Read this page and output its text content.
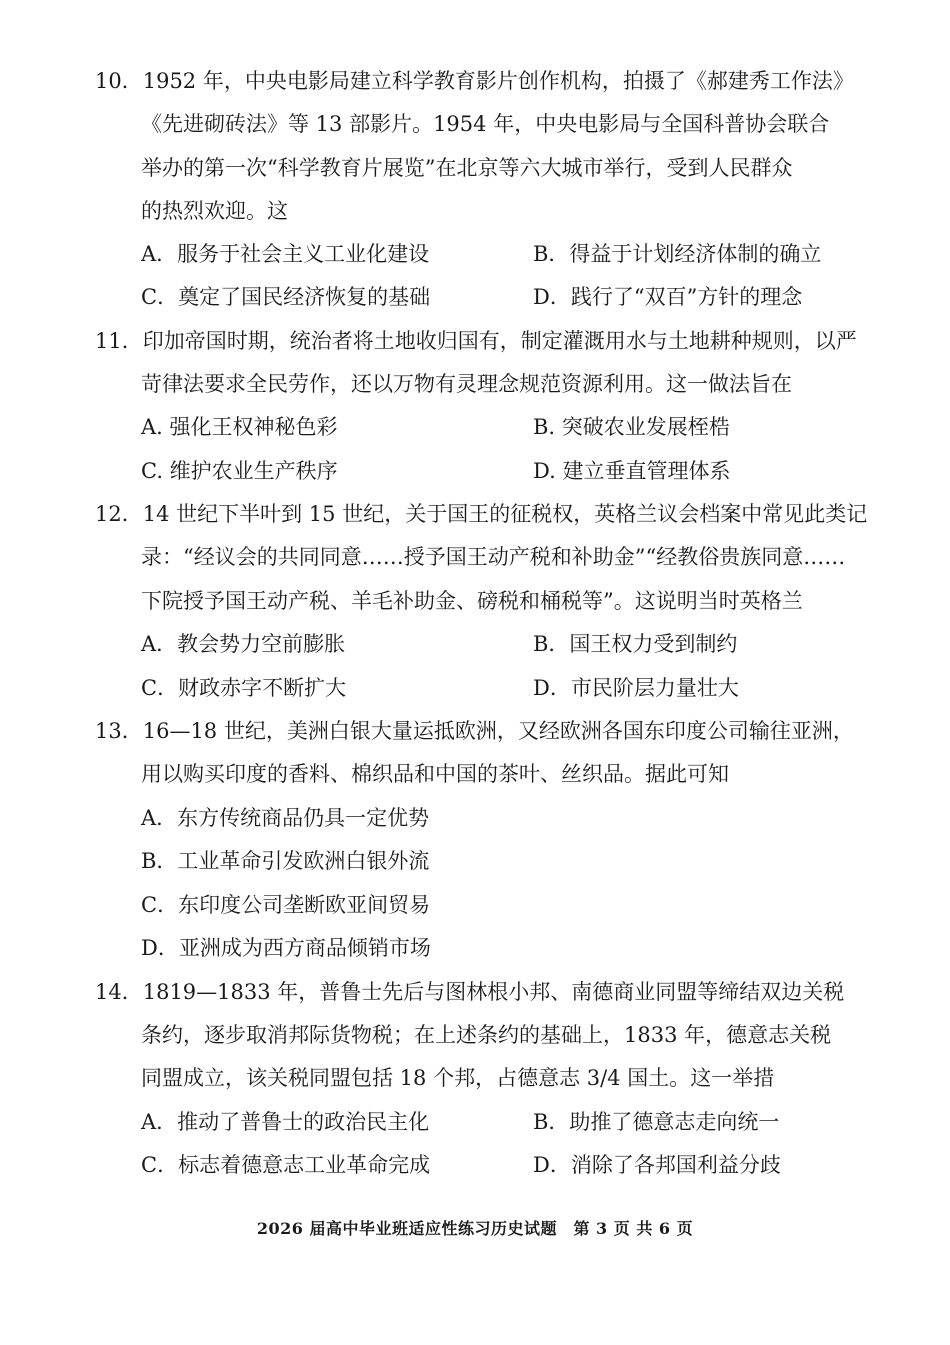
10．1952 年，中央电影局建立科学教育影片创作机构，拍摄了《郝建秀工作法》
《先进砌砖法》等 13 部影片。1954 年，中央电影局与全国科普协会联合
举办的第一次“科学教育片展览”在北京等六大城市举行，受到人民群众
的热烈欢迎。这
A．服务于社会主义工业化建设	B．得益于计划经济体制的确立
C．奠定了国民经济恢复的基础	D．践行了“双百”方针的理念
11．印加帝国时期，统治者将土地收归国有，制定灌溉用水与土地耕种规则，以严
苛律法要求全民劳作，还以万物有灵理念规范资源利用。这一做法旨在
A. 强化王权神秘色彩	B. 突破农业发展桎梏
C. 维护农业生产秩序	D. 建立垂直管理体系
12．14 世纪下半叶到 15 世纪，关于国王的征税权，英格兰议会档案中常见此类记
录：“经议会的共同同意……授予国王动产税和补助金”“经教俗贵族同意……
下院授予国王动产税、羊毛补助金、磅税和桶税等”。这说明当时英格兰
A．教会势力空前膨胀	B．国王权力受到制约
C．财政赤字不断扩大	D．市民阶层力量壮大
13．16—18 世纪，美洲白银大量运抵欧洲，又经欧洲各国东印度公司输往亚洲，
用以购买印度的香料、棉织品和中国的茶叶、丝织品。据此可知
A．东方传统商品仍具一定优势
B．工业革命引发欧洲白银外流
C．东印度公司垄断欧亚间贸易
D．亚洲成为西方商品倾销市场
14．1819—1833 年，普鲁士先后与图林根小邦、南德商业同盟等缔结双边关税
条约，逐步取消邦际货物税；在上述条约的基础上，1833 年，德意志关税
同盟成立，该关税同盟包括 18 个邦，占德意志 3/4 国土。这一举措
A．推动了普鲁士的政治民主化	B．助推了德意志走向统一
C．标志着德意志工业革命完成	D．消除了各邦国利益分歧
2026 届高中毕业班适应性练习历史试题　第 3 页 共 6 页
